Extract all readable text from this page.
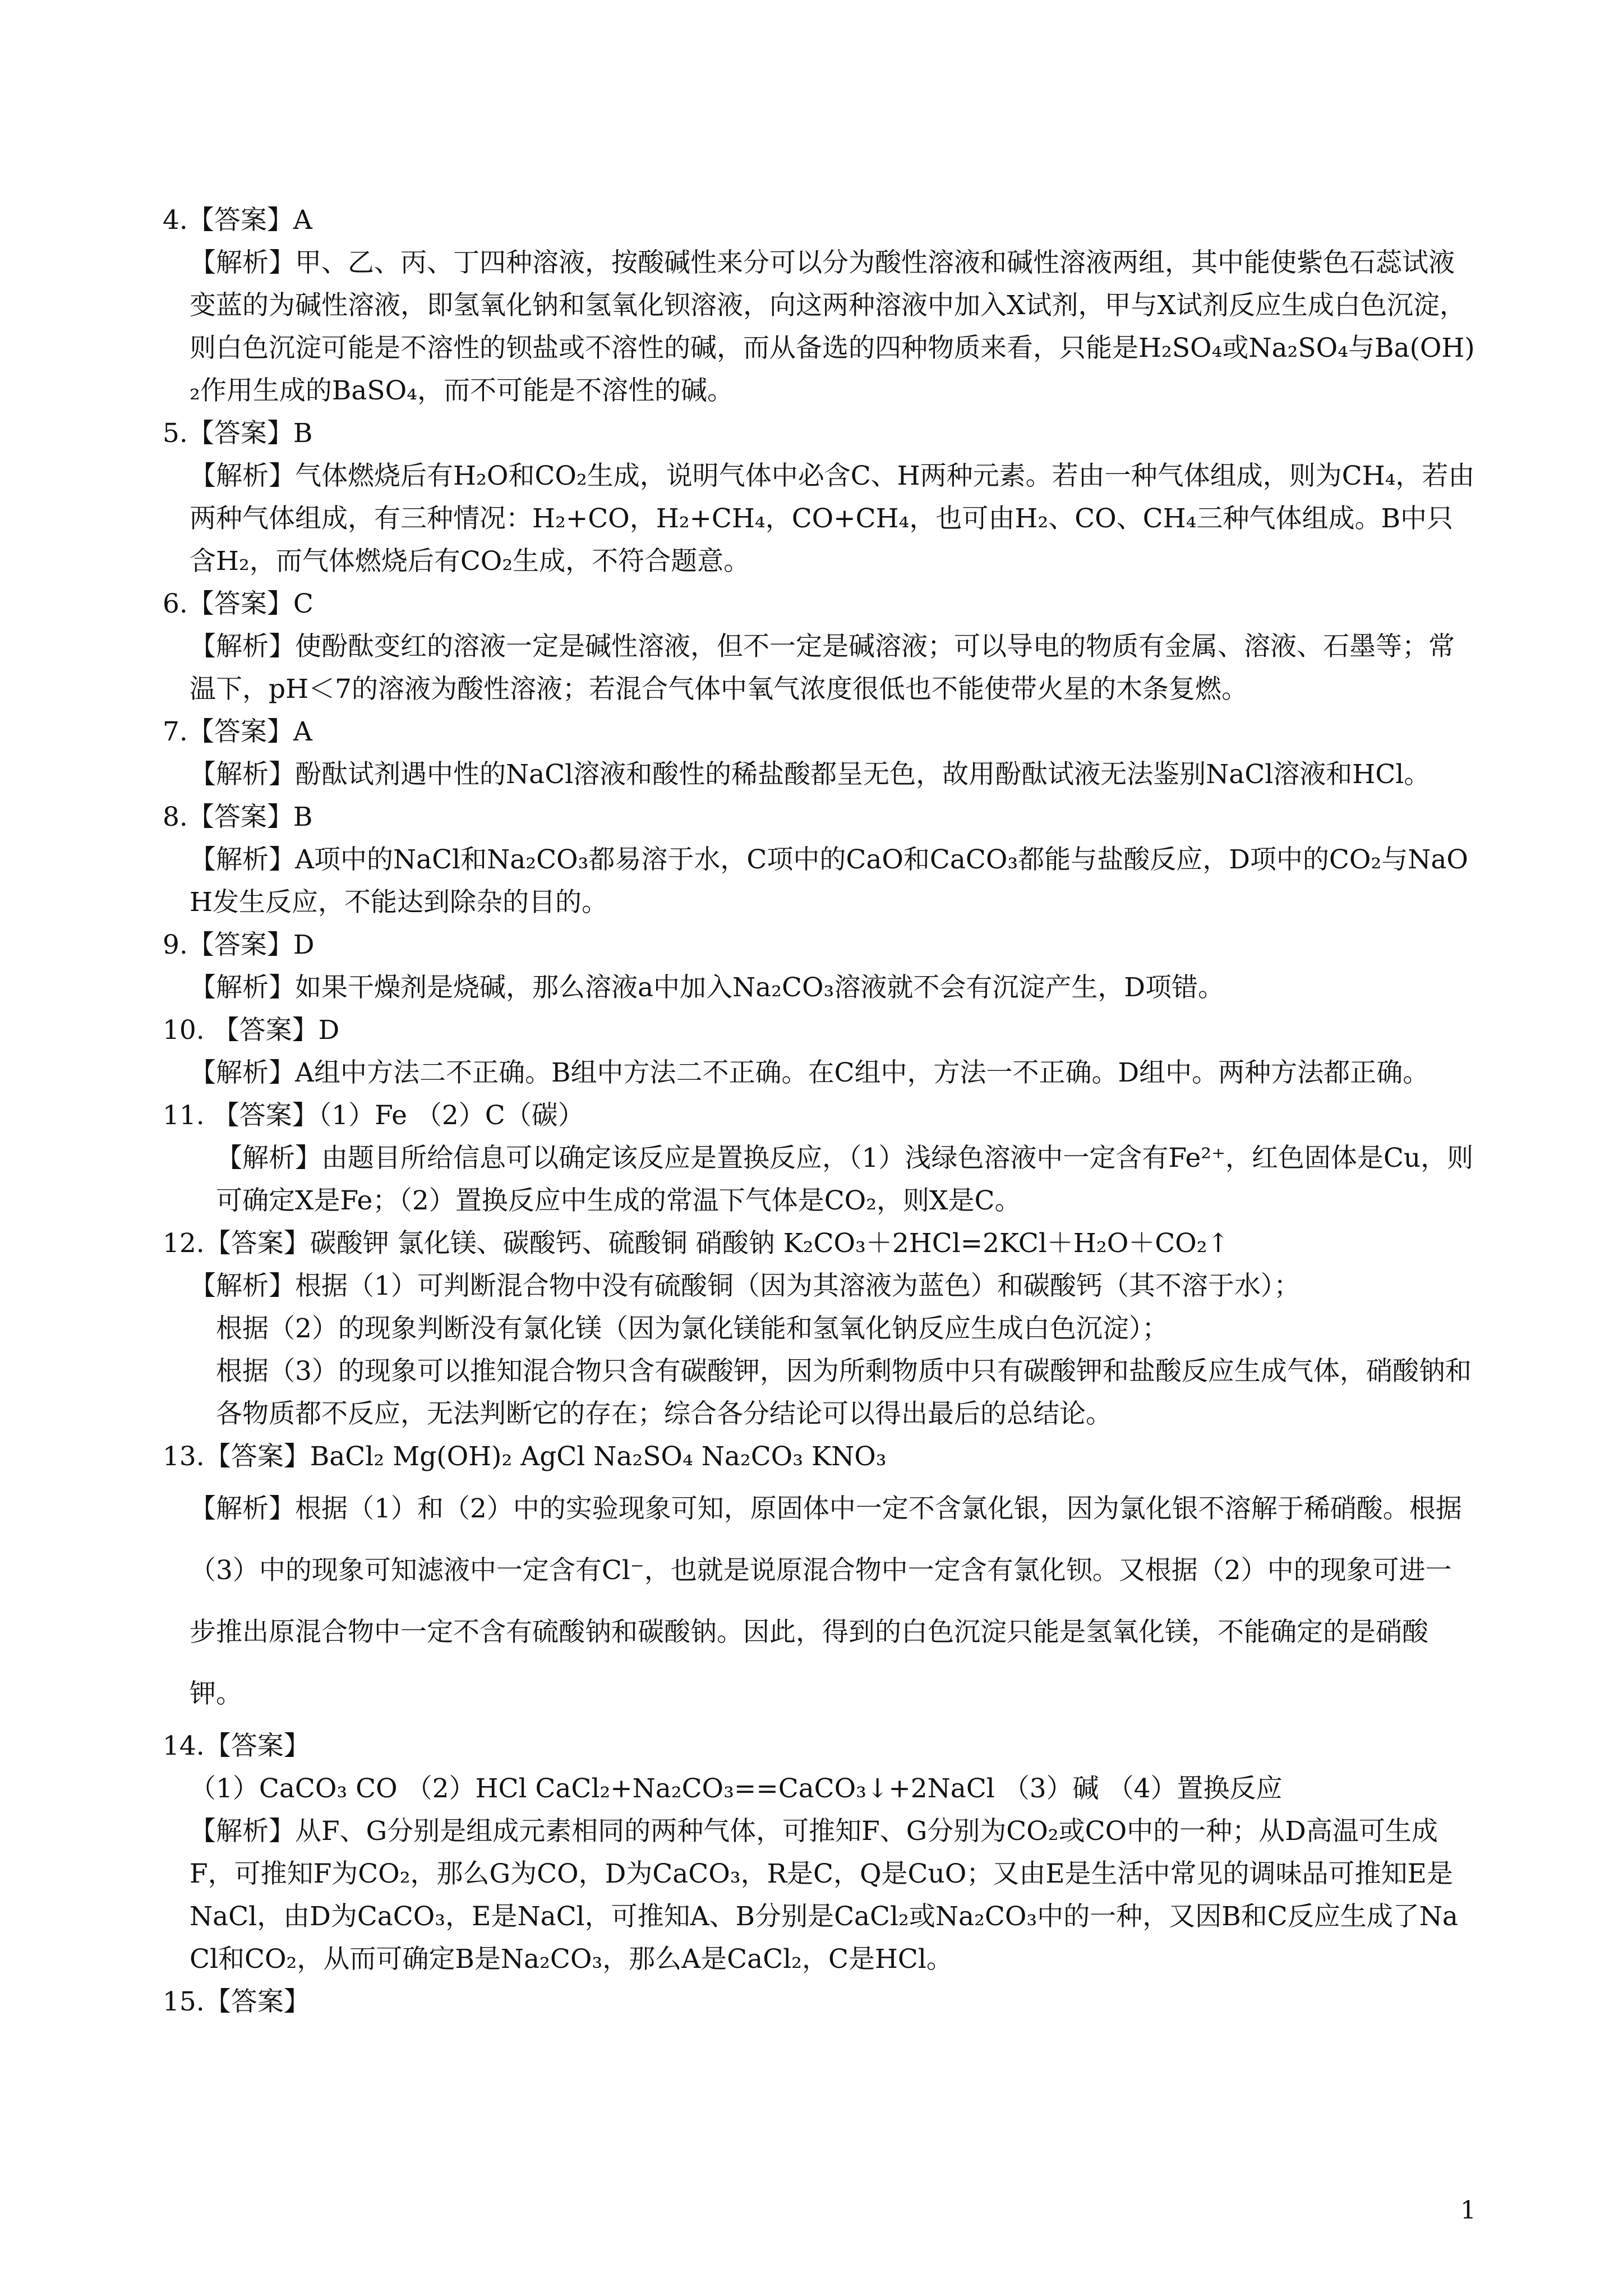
4.【答案】A

【解析】甲、乙、丙、丁四种溶液，按酸碱性来分可以分为酸性溶液和碱性溶液两组，其中能使紫色石蕊试液变蓝的为碱性溶液，即氢氧化钠和氢氧化钡溶液，向这两种溶液中加入X试剂，甲与X试剂反应生成白色沉淀，则白色沉淀可能是不溶性的钡盐或不溶性的碱，而从备选的四种物质来看，只能是H₂SO₄或Na₂SO₄与Ba(OH)₂作用生成的BaSO₄，而不可能是不溶性的碱。

5.【答案】B

【解析】气体燃烧后有H₂O和CO₂生成，说明气体中必含C、H两种元素。若由一种气体组成，则为CH₄，若由两种气体组成，有三种情况：H₂+CO，H₂+CH₄，CO+CH₄，也可由H₂、CO、CH₄三种气体组成。B中只含H₂，而气体燃烧后有CO₂生成，不符合题意。

6.【答案】C

【解析】使酚酞变红的溶液一定是碱性溶液，但不一定是碱溶液；可以导电的物质有金属、溶液、石墨等；常温下，pH＜7的溶液为酸性溶液；若混合气体中氧气浓度很低也不能使带火星的木条复燃。

7.【答案】A

【解析】酚酞试剂遇中性的NaCl溶液和酸性的稀盐酸都呈无色，故用酚酞试液无法鉴别NaCl溶液和HCl。

8.【答案】B

【解析】A项中的NaCl和Na₂CO₃都易溶于水，C项中的CaO和CaCO₃都能与盐酸反应，D项中的CO₂与NaOH发生反应，不能达到除杂的目的。

9.【答案】D

【解析】如果干燥剂是烧碱，那么溶液a中加入Na₂CO₃溶液就不会有沉淀产生，D项错。

10. 【答案】D

【解析】A组中方法二不正确。B组中方法二不正确。在C组中，方法一不正确。D组中。两种方法都正确。

11. 【答案】（1）Fe （2）C（碳）

【解析】由题目所给信息可以确定该反应是置换反应，（1）浅绿色溶液中一定含有Fe²⁺，红色固体是Cu，则可确定X是Fe；（2）置换反应中生成的常温下气体是CO₂，则X是C。

12.【答案】碳酸钾 氯化镁、碳酸钙、硫酸铜 硝酸钠 K₂CO₃＋2HCl=2KCl＋H₂O＋CO₂↑

【解析】根据（1）可判断混合物中没有硫酸铜（因为其溶液为蓝色）和碳酸钙（其不溶于水）；

根据（2）的现象判断没有氯化镁（因为氯化镁能和氢氧化钠反应生成白色沉淀）；

根据（3）的现象可以推知混合物只含有碳酸钾，因为所剩物质中只有碳酸钾和盐酸反应生成气体，硝酸钠和各物质都不反应，无法判断它的存在；综合各分结论可以得出最后的总结论。

13.【答案】BaCl₂ Mg(OH)₂ AgCl Na₂SO₄ Na₂CO₃ KNO₃

【解析】根据（1）和（2）中的实验现象可知，原固体中一定不含氯化银，因为氯化银不溶解于稀硝酸。根据（3）中的现象可知滤液中一定含有Cl⁻，也就是说原混合物中一定含有氯化钡。又根据（2）中的现象可进一步推出原混合物中一定不含有硫酸钠和碳酸钠。因此，得到的白色沉淀只能是氢氧化镁，不能确定的是硝酸钾。

14.【答案】

（1）CaCO₃ CO （2）HCl CaCl₂+Na₂CO₃==CaCO₃↓+2NaCl （3）碱 （4）置换反应

【解析】从F、G分别是组成元素相同的两种气体，可推知F、G分别为CO₂或CO中的一种；从D高温可生成F，可推知F为CO₂，那么G为CO，D为CaCO₃，R是C，Q是CuO；又由E是生活中常见的调味品可推知E是NaCl，由D为CaCO₃，E是NaCl，可推知A、B分别是CaCl₂或Na₂CO₃中的一种，又因B和C反应生成了NaCl和CO₂，从而可确定B是Na₂CO₃，那么A是CaCl₂，C是HCl。

15.【答案】

1
